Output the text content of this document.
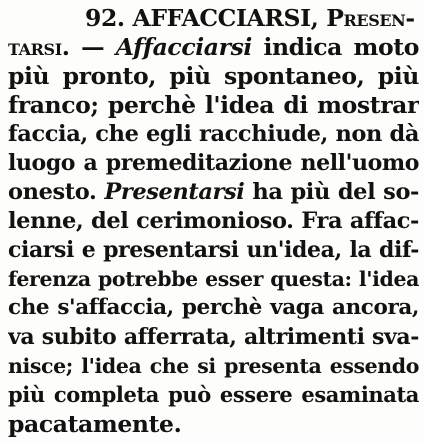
92. AFFACCIARSI, Presen-
tarsi. — Affacciarsi indica moto
più pronto, più spontaneo, più
franco; perchè l'idea di mostrar
faccia, che egli racchiude, non dà
luogo a premeditazione nell'uomo
onesto. Presentarsi ha più del so-
lenne, del cerimonioso. Fra affac-
ciarsi e presentarsi un'idea, la dif-
ferenza potrebbe esser questa: l'idea
che s'affaccia, perchè vaga ancora,
va subito afferrata, altrimenti sva-
nisce; l'idea che si presenta essendo
più completa può essere esaminata
pacatamente.
